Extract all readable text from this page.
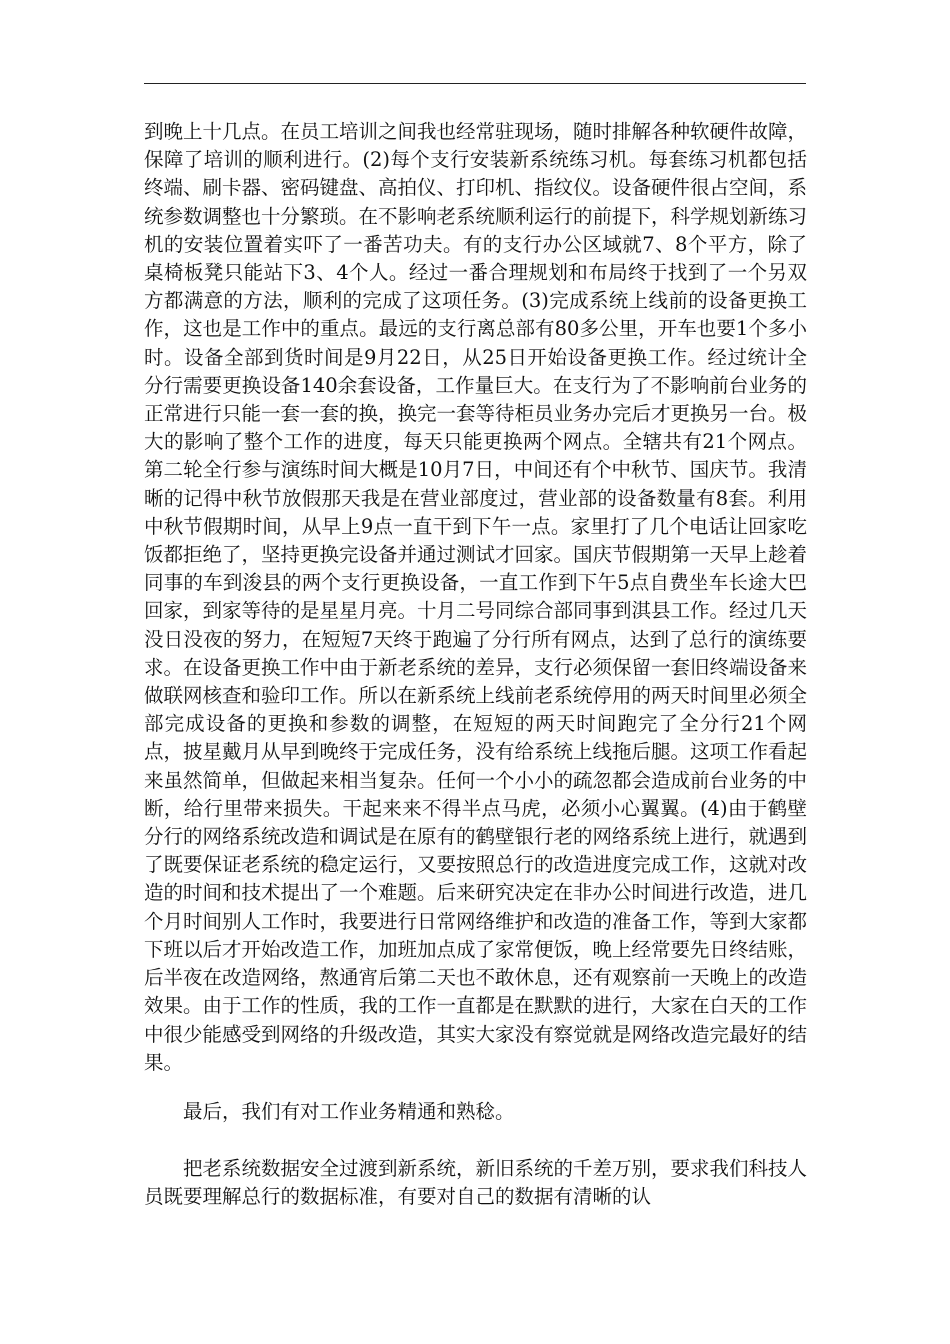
到晚上十几点。在员工培训之间我也经常驻现场，随时排解各种软硬件故障，保障了培训的顺利进行。(2)每个支行安装新系统练习机。每套练习机都包括终端、刷卡器、密码键盘、高拍仪、打印机、指纹仪。设备硬件很占空间，系统参数调整也十分繁琐。在不影响老系统顺利运行的前提下，科学规划新练习机的安装位置着实吓了一番苦功夫。有的支行办公区域就7、8个平方，除了桌椅板凳只能站下3、4个人。经过一番合理规划和布局终于找到了一个另双方都满意的方法，顺利的完成了这项任务。(3)完成系统上线前的设备更换工作，这也是工作中的重点。最远的支行离总部有80多公里，开车也要1个多小时。设备全部到货时间是9月22日，从25日开始设备更换工作。经过统计全分行需要更换设备140余套设备，工作量巨大。在支行为了不影响前台业务的正常进行只能一套一套的换，换完一套等待柜员业务办完后才更换另一台。极大的影响了整个工作的进度，每天只能更换两个网点。全辖共有21个网点。第二轮全行参与演练时间大概是10月7日，中间还有个中秋节、国庆节。我清晰的记得中秋节放假那天我是在营业部度过，营业部的设备数量有8套。利用中秋节假期时间，从早上9点一直干到下午一点。家里打了几个电话让回家吃饭都拒绝了，坚持更换完设备并通过测试才回家。国庆节假期第一天早上趁着同事的车到浚县的两个支行更换设备，一直工作到下午5点自费坐车长途大巴回家，到家等待的是星星月亮。十月二号同综合部同事到淇县工作。经过几天没日没夜的努力，在短短7天终于跑遍了分行所有网点，达到了总行的演练要求。在设备更换工作中由于新老系统的差异，支行必须保留一套旧终端设备来做联网核查和验印工作。所以在新系统上线前老系统停用的两天时间里必须全部完成设备的更换和参数的调整，在短短的两天时间跑完了全分行21个网点，披星戴月从早到晚终于完成任务，没有给系统上线拖后腿。这项工作看起来虽然简单，但做起来相当复杂。任何一个小小的疏忽都会造成前台业务的中断，给行里带来损失。干起来来不得半点马虎，必须小心翼翼。(4)由于鹤壁分行的网络系统改造和调试是在原有的鹤壁银行老的网络系统上进行，就遇到了既要保证老系统的稳定运行，又要按照总行的改造进度完成工作，这就对改造的时间和技术提出了一个难题。后来研究决定在非办公时间进行改造，进几个月时间别人工作时，我要进行日常网络维护和改造的准备工作，等到大家都下班以后才开始改造工作，加班加点成了家常便饭，晚上经常要先日终结账，后半夜在改造网络，熬通宵后第二天也不敢休息，还有观察前一天晚上的改造效果。由于工作的性质，我的工作一直都是在默默的进行，大家在白天的工作中很少能感受到网络的升级改造，其实大家没有察觉就是网络改造完最好的结果。

最后，我们有对工作业务精通和熟稔。

把老系统数据安全过渡到新系统，新旧系统的千差万别，要求我们科技人员既要理解总行的数据标准，有要对自己的数据有清晰的认
